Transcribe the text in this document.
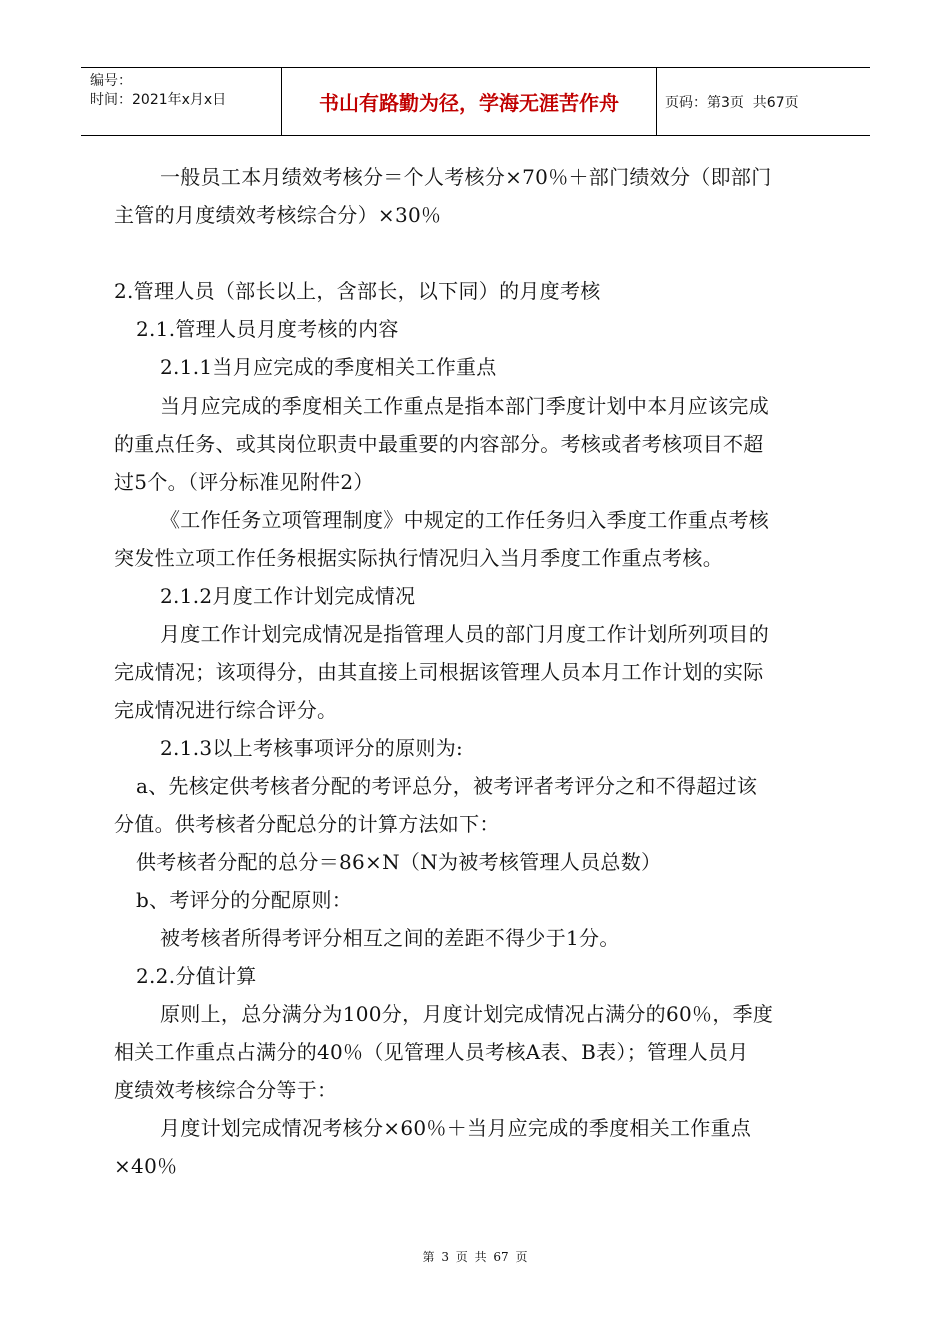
编号：
时间：2021年x月x日	书山有路勤为径，学海无涯苦作舟	页码：第3页  共67页
一般员工本月绩效考核分＝个人考核分×70％＋部门绩效分（即部门
主管的月度绩效考核综合分）×30％
2.管理人员（部长以上，含部长，以下同）的月度考核
2.1.管理人员月度考核的内容
2.1.1当月应完成的季度相关工作重点
当月应完成的季度相关工作重点是指本部门季度计划中本月应该完成
的重点任务、或其岗位职责中最重要的内容部分。考核或者考核项目不超
过5个。（评分标准见附件2）
《工作任务立项管理制度》中规定的工作任务归入季度工作重点考核
突发性立项工作任务根据实际执行情况归入当月季度工作重点考核。
2.1.2月度工作计划完成情况
月度工作计划完成情况是指管理人员的部门月度工作计划所列项目的
完成情况；该项得分，由其直接上司根据该管理人员本月工作计划的实际
完成情况进行综合评分。
2.1.3以上考核事项评分的原则为:
a、先核定供考核者分配的考评总分，被考评者考评分之和不得超过该
分值。供考核者分配总分的计算方法如下：
供考核者分配的总分＝86×N（N为被考核管理人员总数）
b、考评分的分配原则：
被考核者所得考评分相互之间的差距不得少于1分。
2.2.分值计算
原则上，总分满分为100分，月度计划完成情况占满分的60％，季度
相关工作重点占满分的40％（见管理人员考核A表、B表）；管理人员月
度绩效考核综合分等于：
月度计划完成情况考核分×60％＋当月应完成的季度相关工作重点
×40％
第 3 页 共 67 页
